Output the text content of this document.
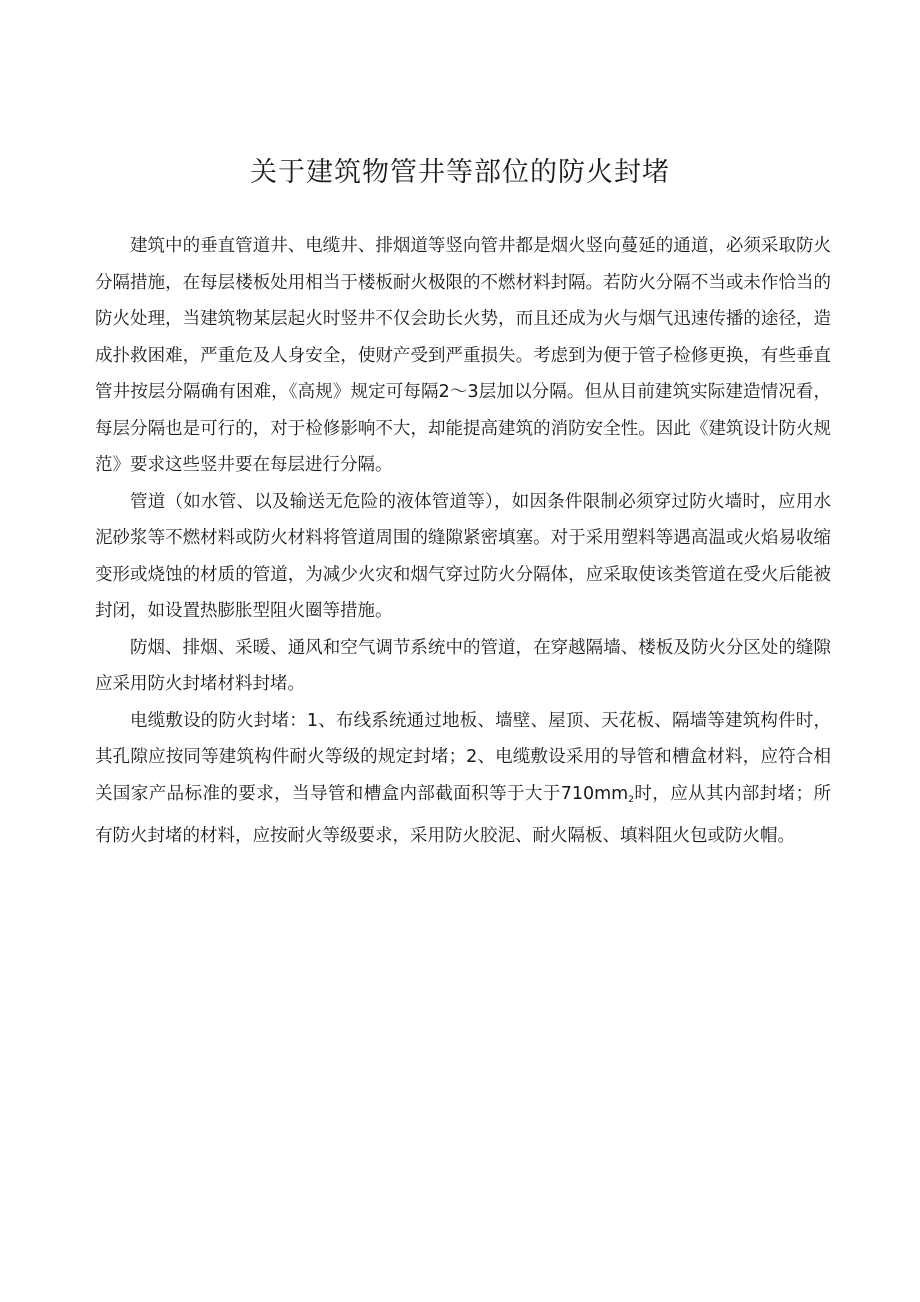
关于建筑物管井等部位的防火封堵

建筑中的垂直管道井、电缆井、排烟道等竖向管井都是烟火竖向蔓延的通道，必须采取防火分隔措施，在每层楼板处用相当于楼板耐火极限的不燃材料封隔。若防火分隔不当或未作恰当的防火处理，当建筑物某层起火时竖井不仅会助长火势，而且还成为火与烟气迅速传播的途径，造成扑救困难，严重危及人身安全，使财产受到严重损失。考虑到为便于管子检修更换，有些垂直管井按层分隔确有困难，《高规》规定可每隔2～3层加以分隔。但从目前建筑实际建造情况看，每层分隔也是可行的，对于检修影响不大，却能提高建筑的消防安全性。因此《建筑设计防火规范》要求这些竖井要在每层进行分隔。

管道（如水管、以及输送无危险的液体管道等），如因条件限制必须穿过防火墙时，应用水泥砂浆等不燃材料或防火材料将管道周围的缝隙紧密填塞。对于采用塑料等遇高温或火焰易收缩变形或烧蚀的材质的管道，为减少火灾和烟气穿过防火分隔体，应采取使该类管道在受火后能被封闭，如设置热膨胀型阻火圈等措施。

防烟、排烟、采暖、通风和空气调节系统中的管道，在穿越隔墙、楼板及防火分区处的缝隙应采用防火封堵材料封堵。

电缆敷设的防火封堵：1、布线系统通过地板、墙壁、屋顶、天花板、隔墙等建筑构件时，其孔隙应按同等建筑构件耐火等级的规定封堵；2、电缆敷设采用的导管和槽盒材料，应符合相关国家产品标准的要求，当导管和槽盒内部截面积等于大于710mm2时，应从其内部封堵；所有防火封堵的材料，应按耐火等级要求，采用防火胶泥、耐火隔板、填料阻火包或防火帽。
